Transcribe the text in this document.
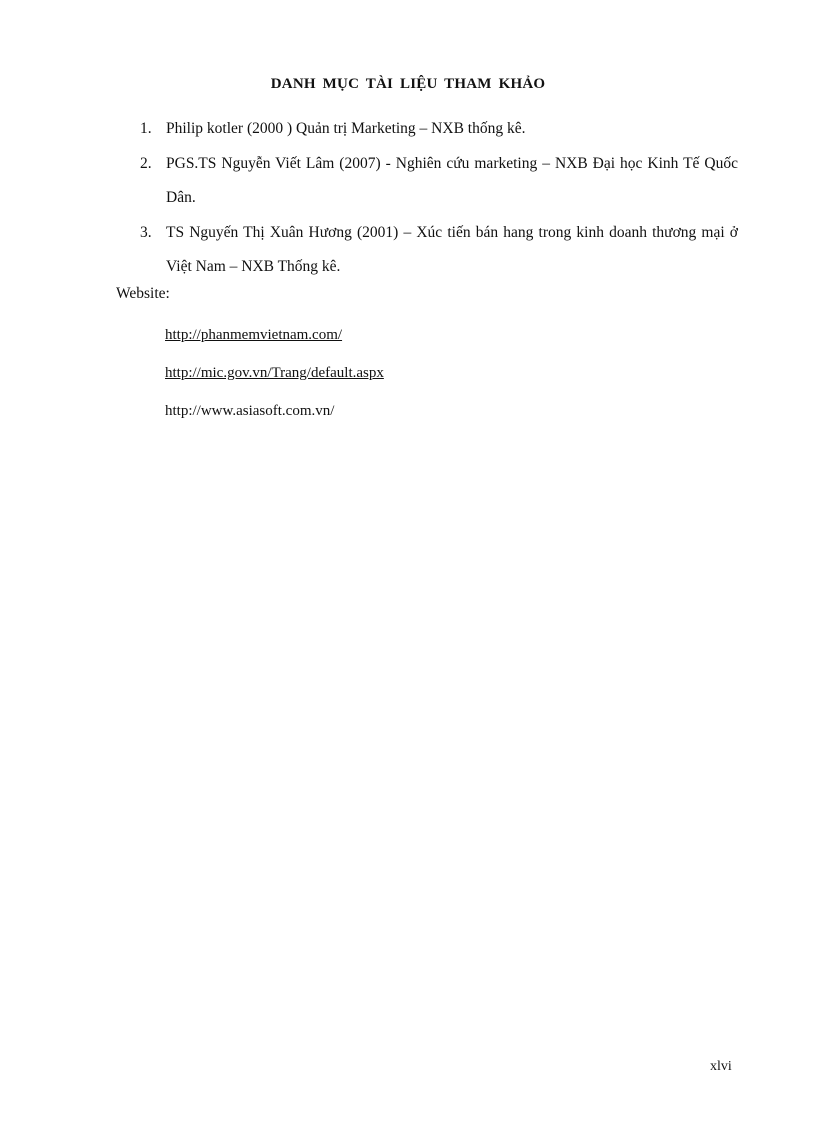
DANH MỤC TÀI LIỆU THAM KHẢO
1. Philip kotler (2000 ) Quản trị Marketing – NXB thống kê.
2. PGS.TS Nguyễn Viết Lâm (2007) - Nghiên cứu marketing – NXB Đại học Kinh Tế Quốc Dân.
3. TS Nguyến Thị Xuân Hương (2001) – Xúc tiến bán hang trong kinh doanh thương mại ở Việt Nam – NXB Thống kê.
Website:
http://phanmemvietnam.com/
http://mic.gov.vn/Trang/default.aspx
http://www.asiasoft.com.vn/
xlvi
